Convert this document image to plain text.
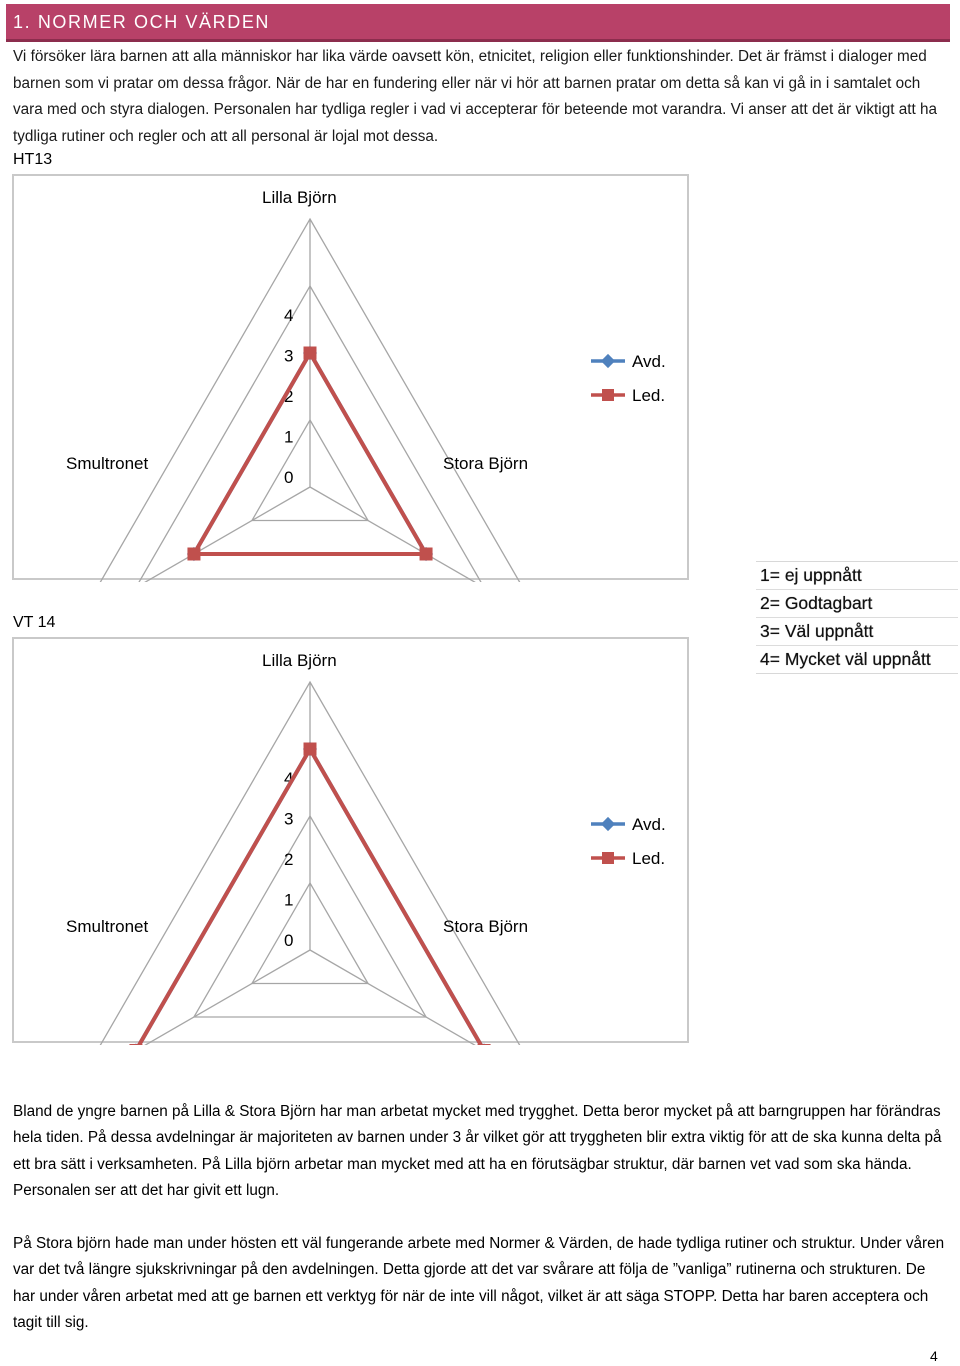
1. NORMER OCH VÄRDEN
Vi försöker lära barnen att alla människor har lika värde oavsett kön, etnicitet, religion eller funktionshinder. Det är främst i dialoger med barnen som vi pratar om dessa frågor. När de har en fundering eller när vi hör att barnen pratar om detta så kan vi gå in i samtalet och vara med och styra dialogen. Personalen har tydliga regler i vad vi accepterar för beteende mot varandra. Vi anser att det är viktigt att ha tydliga rutiner och regler och att all personal är lojal mot dessa.
HT13
0
1
2
3
4
Lilla Björn
Stora Björn
Smultronet
Avd.
Led.
1= ej uppnått
2= Godtagbart
3= Väl uppnått
4= Mycket väl uppnått
VT 14
0
1
2
3
4
Lilla Björn
Stora Björn
Smultronet
Avd.
Led.
Bland de yngre barnen på Lilla & Stora Björn har man arbetat mycket med trygghet. Detta beror mycket på att barngruppen har förändras hela tiden. På dessa avdelningar är majoriteten av barnen under 3 år vilket gör att tryggheten blir extra viktig för att de ska kunna delta på ett bra sätt i verksamheten. På Lilla björn arbetar man mycket med att ha en förutsägbar struktur, där barnen vet vad som ska hända. Personalen ser att det har givit ett lugn.
På Stora björn hade man under hösten ett väl fungerande arbete med Normer & Värden, de hade tydliga rutiner och struktur. Under våren var det två längre sjukskrivningar på den avdelningen. Detta gjorde att det var svårare att följa de ”vanliga” rutinerna och strukturen. De har under våren arbetat med att ge barnen ett verktyg för när de inte vill något, vilket är att säga STOPP. Detta har baren acceptera och tagit till sig.
4
